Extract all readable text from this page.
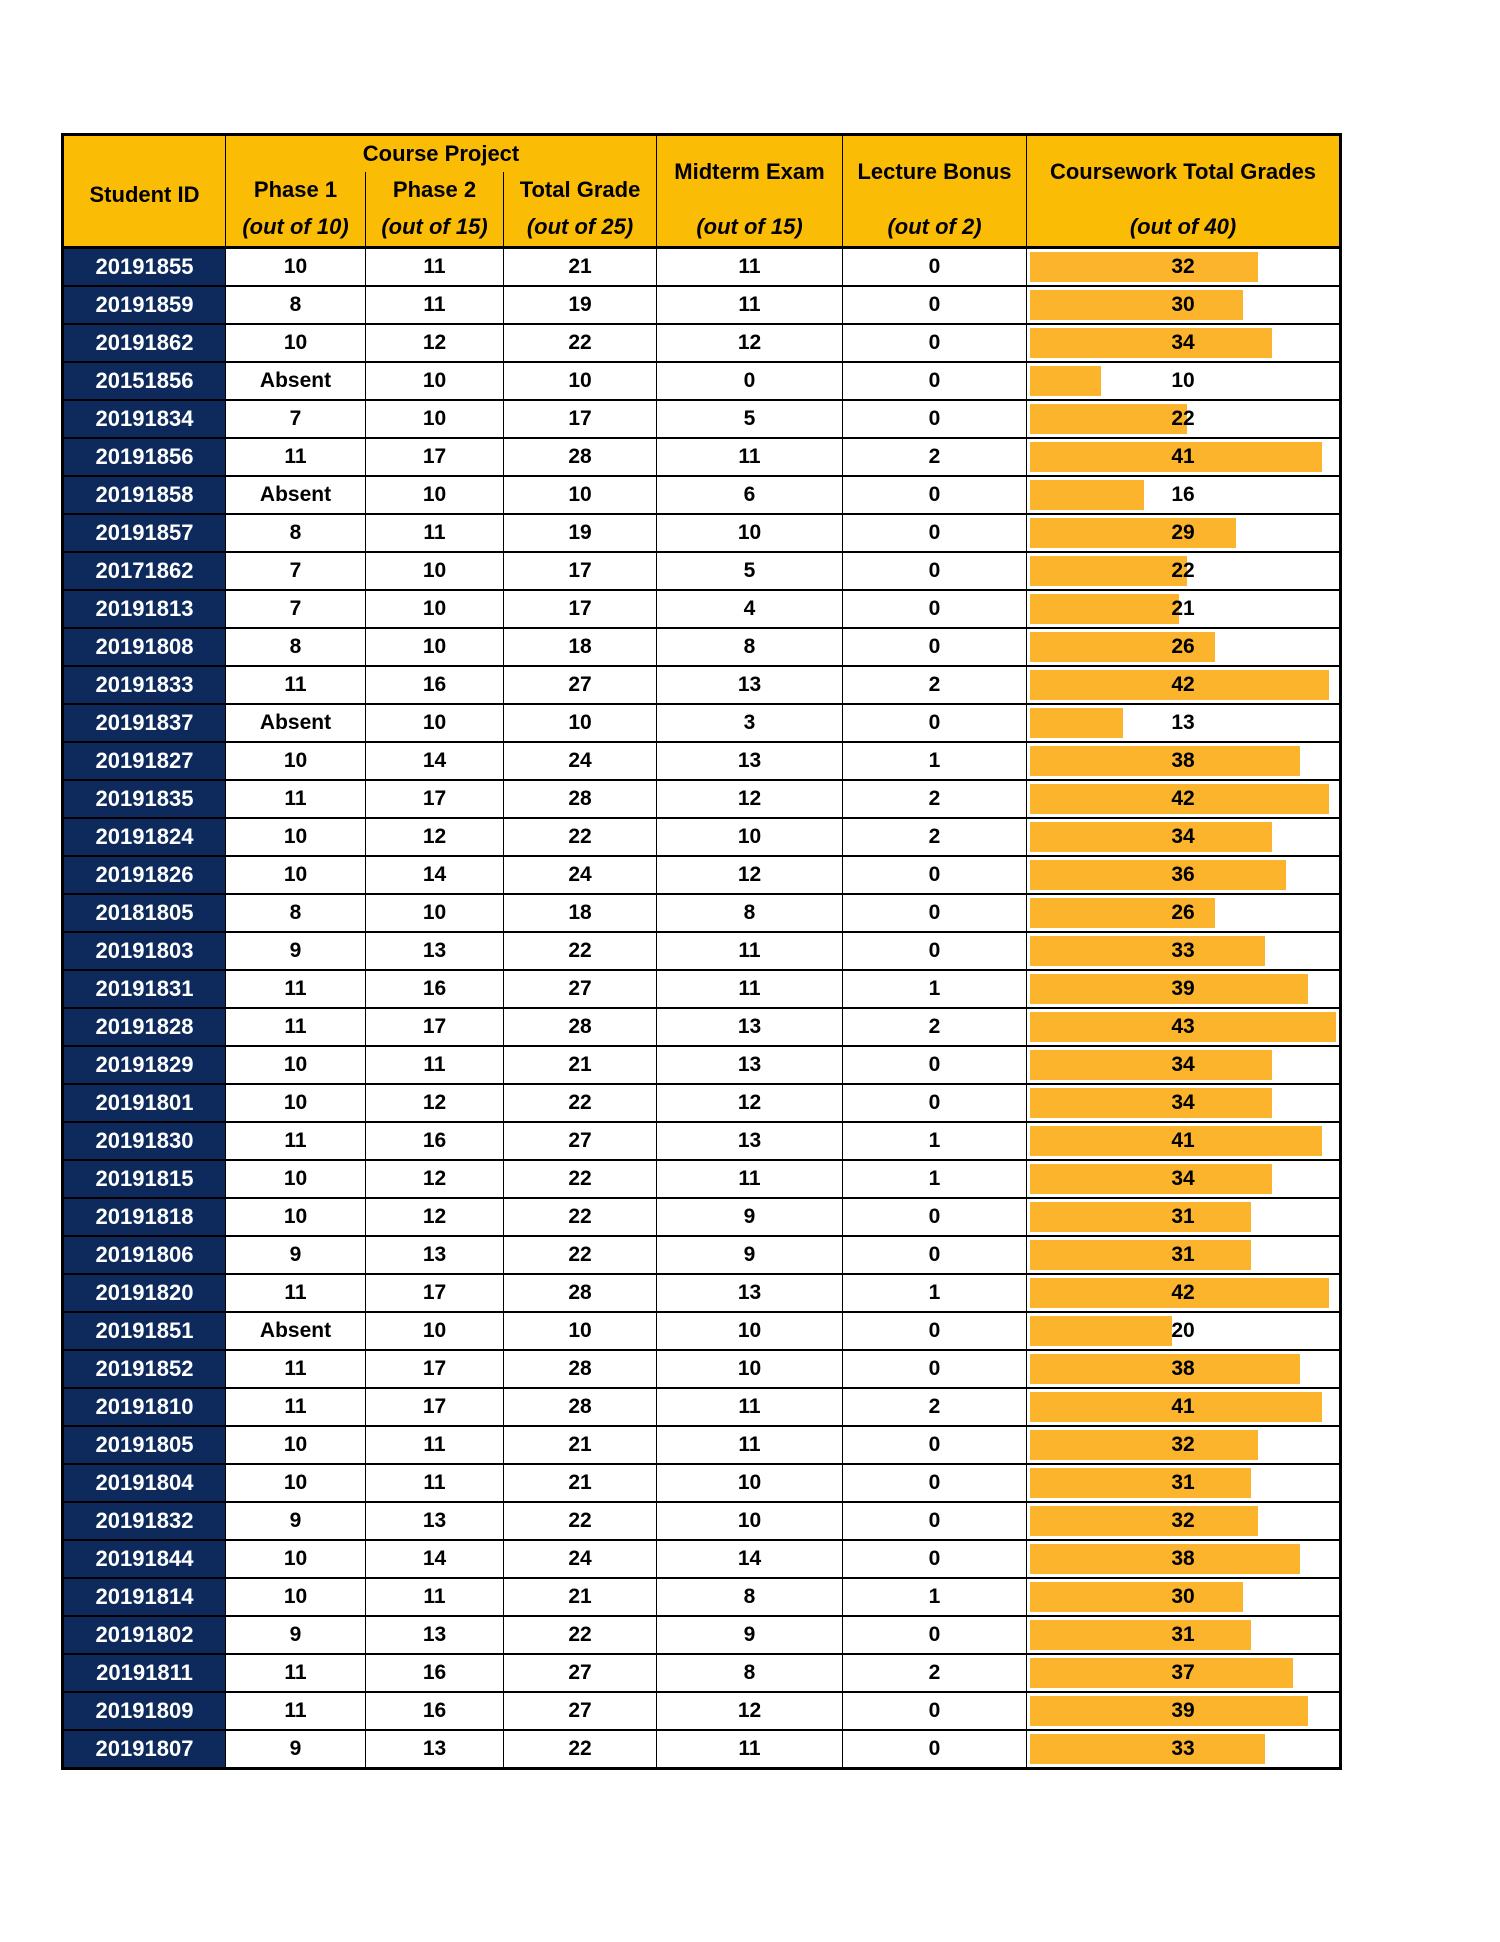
Student ID	Course Project			Midterm Exam	Lecture Bonus	Coursework Total Grades
	Phase 1	Phase 2	Total Grade			
	(out of 10)	(out of 15)	(out of 25)	(out of 15)	(out of 2)	(out of 40)
20191855	10	11	21	11	0	32
20191859	8	11	19	11	0	30
20191862	10	12	22	12	0	34
20151856	Absent	10	10	0	0	10
20191834	7	10	17	5	0	22
20191856	11	17	28	11	2	41
20191858	Absent	10	10	6	0	16
20191857	8	11	19	10	0	29
20171862	7	10	17	5	0	22
20191813	7	10	17	4	0	21
20191808	8	10	18	8	0	26
20191833	11	16	27	13	2	42
20191837	Absent	10	10	3	0	13
20191827	10	14	24	13	1	38
20191835	11	17	28	12	2	42
20191824	10	12	22	10	2	34
20191826	10	14	24	12	0	36
20181805	8	10	18	8	0	26
20191803	9	13	22	11	0	33
20191831	11	16	27	11	1	39
20191828	11	17	28	13	2	43
20191829	10	11	21	13	0	34
20191801	10	12	22	12	0	34
20191830	11	16	27	13	1	41
20191815	10	12	22	11	1	34
20191818	10	12	22	9	0	31
20191806	9	13	22	9	0	31
20191820	11	17	28	13	1	42
20191851	Absent	10	10	10	0	20
20191852	11	17	28	10	0	38
20191810	11	17	28	11	2	41
20191805	10	11	21	11	0	32
20191804	10	11	21	10	0	31
20191832	9	13	22	10	0	32
20191844	10	14	24	14	0	38
20191814	10	11	21	8	1	30
20191802	9	13	22	9	0	31
20191811	11	16	27	8	2	37
20191809	11	16	27	12	0	39
20191807	9	13	22	11	0	33
